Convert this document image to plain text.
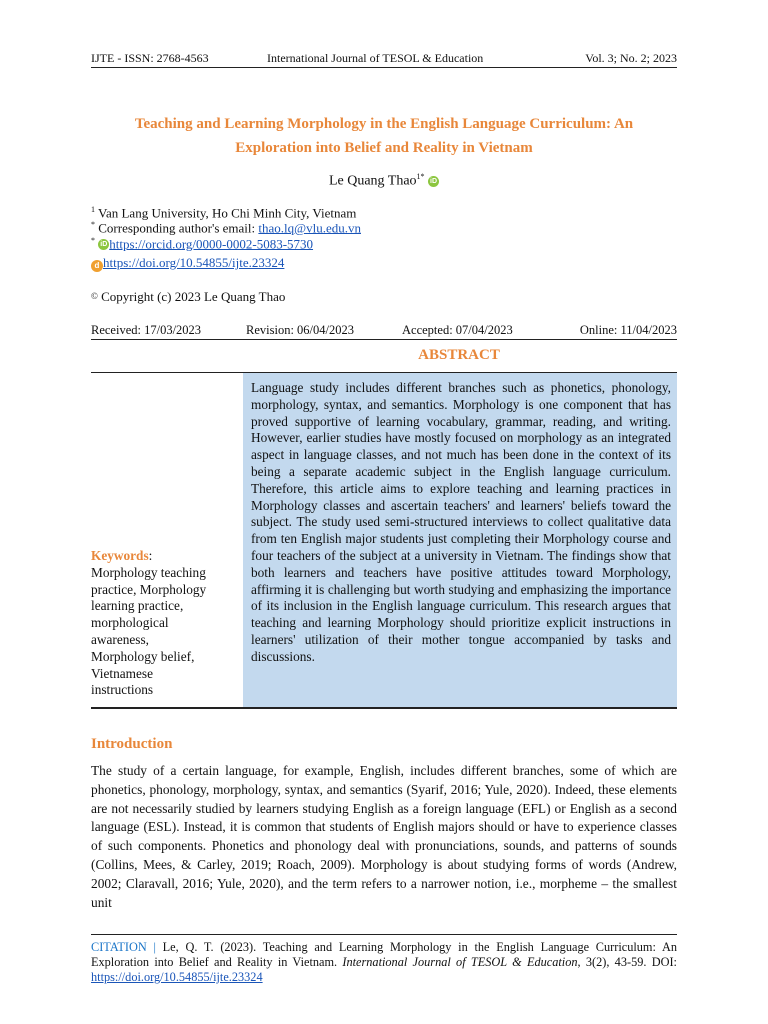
IJTE - ISSN: 2768-4563	International Journal of TESOL & Education	Vol. 3; No. 2; 2023
Teaching and Learning Morphology in the English Language Curriculum: An
Exploration into Belief and Reality in Vietnam
Le Quang Thao$^{1*}$ iD
$^1$ Van Lang University, Ho Chi Minh City, Vietnam
* Corresponding author's email: thao.lq@vlu.edu.vn
* iD https://orcid.org/0000-0002-5083-5730
d https://doi.org/10.54855/ijte.23324
© Copyright (c) 2023 Le Quang Thao
Received: 17/03/2023	Revision: 06/04/2023	Accepted: 07/04/2023	Online: 11/04/2023
ABSTRACT
Language study includes different branches such as phonetics, phonology, morphology, syntax, and semantics. Morphology is one component that has proved supportive of learning vocabulary, grammar, reading, and writing. However, earlier studies have mostly focused on morphology as an integrated aspect in language classes, and not much has been done in the context of its being a separate academic subject in the English language curriculum. Therefore, this article aims to explore teaching and learning practices in Morphology classes and ascertain teachers' and learners' beliefs toward the subject. The study used semi-structured interviews to collect qualitative data from ten English major students just completing their Morphology course and four teachers of the subject at a university in Vietnam. The findings show that both learners and teachers have positive attitudes toward Morphology, affirming it is challenging but worth studying and emphasizing the importance of its inclusion in the English language curriculum. This research argues that teaching and learning Morphology should prioritize explicit instructions in learners' utilization of their mother tongue accompanied by tasks and discussions.
Keywords:
Morphology teaching
practice, Morphology
learning practice,
morphological
awareness,
Morphology belief,
Vietnamese
instructions
Introduction
The study of a certain language, for example, English, includes different branches, some of which are phonetics, phonology, morphology, syntax, and semantics (Syarif, 2016; Yule, 2020). Indeed, these elements are not necessarily studied by learners studying English as a foreign language (EFL) or English as a second language (ESL). Instead, it is common that students of English majors should or have to experience classes of such components. Phonetics and phonology deal with pronunciations, sounds, and patterns of sounds (Collins, Mees, & Carley, 2019; Roach, 2009). Morphology is about studying forms of words (Andrew, 2002; Claravall, 2016; Yule, 2020), and the term refers to a narrower notion, i.e., morpheme – the smallest unit
CITATION | Le, Q. T. (2023). Teaching and Learning Morphology in the English Language Curriculum: An Exploration into Belief and Reality in Vietnam. International Journal of TESOL & Education, 3(2), 43-59. DOI: https://doi.org/10.54855/ijte.23324
